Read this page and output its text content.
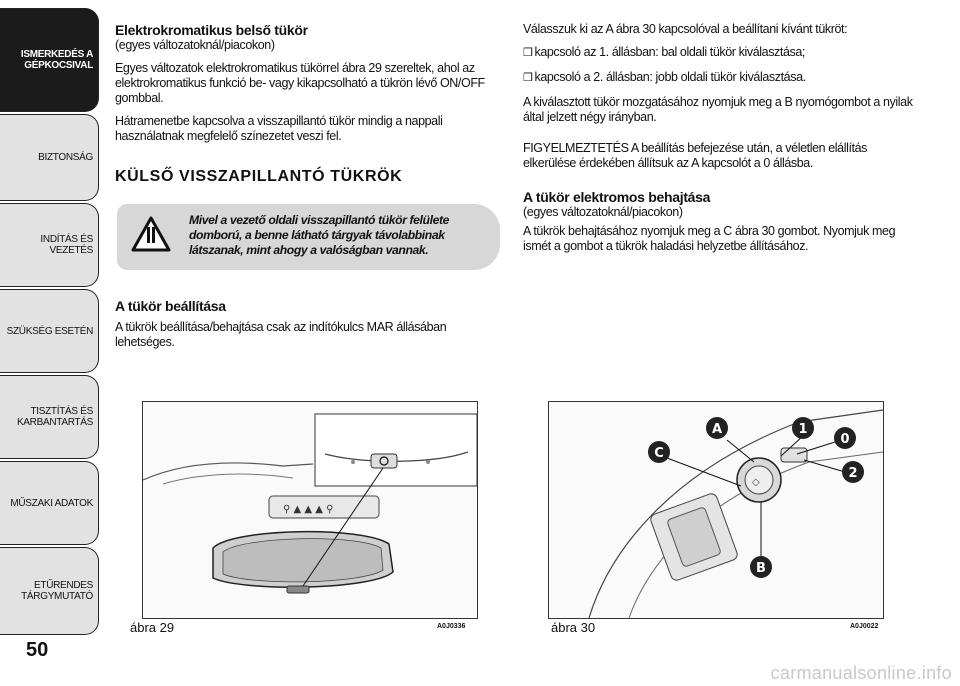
ISMERKEDÉS A
GÉPKOCSIVAL
BIZTONSÁG
INDÍTÁS ÉS VEZETÉS
SZÜKSÉG ESETÉN
TISZTÍTÁS ÉS
KARBANTARTÁS
MŰSZAKI ADATOK
ETŰRENDES
TÁRGYMUTATÓ
50
Elektrokromatikus belső tükör
(egyes változatoknál/piacokon)

Egyes változatok elektrokromatikus tükörrel ábra 29 szereltek, ahol az elektrokromatikus funkció be- vagy kikapcsolható a tükrön lévő ON/OFF gombbal.

Hátramenetbe kapcsolva a visszapillantó tükör mindig a nappali használatnak megfelelő színezetet veszi fel.

KÜLSŐ VISSZAPILLANTÓ TÜKRÖK
Mivel a vezető oldali visszapillantó tükör felülete domború, a benne látható tárgyak távolabbinak látszanak, mint ahogy a valóságban vannak.
A tükör beállítása

A tükrök beállítása/behajtása csak az indítókulcs MAR állásában lehetséges.

Válasszuk ki az A ábra 30 kapcsolóval a beállítani kívánt tükröt:

❒ kapcsoló az 1. állásban: bal oldali tükör kiválasztása;
❒ kapcsoló a 2. állásban: jobb oldali tükör kiválasztása.

A kiválasztott tükör mozgatásához nyomjuk meg a B nyomógombot a nyilak által jelzett négy irányban.

FIGYELMEZTETÉS A beállítás befejezése után, a véletlen elállítás elkerülése érdekében állítsuk az A kapcsolót a 0 állásba.

A tükör elektromos behajtása
(egyes változatoknál/piacokon)

A tükrök behajtásához nyomjuk meg a C ábra 30 gombot. Nyomjuk meg ismét a gombot a tükrök haladási helyzetbe állításához.

⚲ ▲ ▲ ▲ ⚲
ábra 29	A0J0336
◇
A	1
0
C
2
B
ábra 30	A0J0022
carmanualsonline.info
